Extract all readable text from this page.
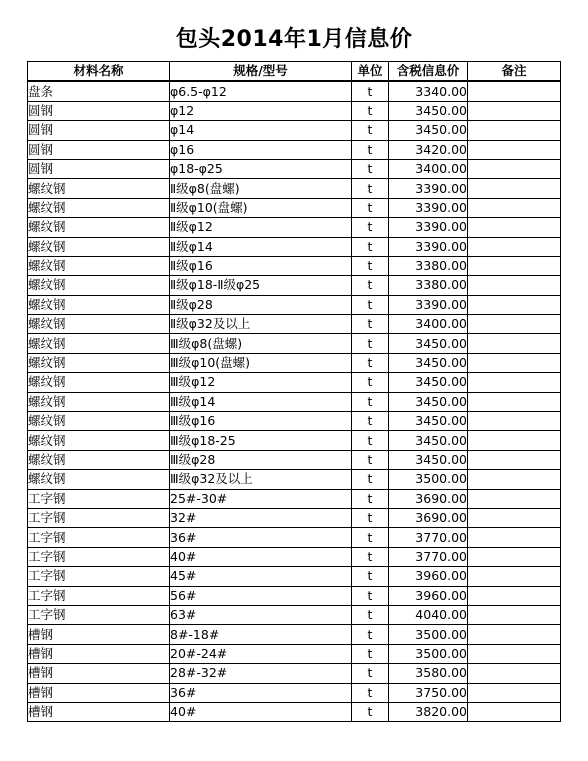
包头2014年1月信息价
材料名称	规格/型号	单位	含税信息价	备注
盘条	φ6.5-φ12	t	3340.00	
圆钢	φ12	t	3450.00	
圆钢	φ14	t	3450.00	
圆钢	φ16	t	3420.00	
圆钢	φ18-φ25	t	3400.00	
螺纹钢	Ⅱ级φ8(盘螺)	t	3390.00	
螺纹钢	Ⅱ级φ10(盘螺)	t	3390.00	
螺纹钢	Ⅱ级φ12	t	3390.00	
螺纹钢	Ⅱ级φ14	t	3390.00	
螺纹钢	Ⅱ级φ16	t	3380.00	
螺纹钢	Ⅱ级φ18-Ⅱ级φ25	t	3380.00	
螺纹钢	Ⅱ级φ28	t	3390.00	
螺纹钢	Ⅱ级φ32及以上	t	3400.00	
螺纹钢	Ⅲ级φ8(盘螺)	t	3450.00	
螺纹钢	Ⅲ级φ10(盘螺)	t	3450.00	
螺纹钢	Ⅲ级φ12	t	3450.00	
螺纹钢	Ⅲ级φ14	t	3450.00	
螺纹钢	Ⅲ级φ16	t	3450.00	
螺纹钢	Ⅲ级φ18-25	t	3450.00	
螺纹钢	Ⅲ级φ28	t	3450.00	
螺纹钢	Ⅲ级φ32及以上	t	3500.00	
工字钢	25#-30#	t	3690.00	
工字钢	32#	t	3690.00	
工字钢	36#	t	3770.00	
工字钢	40#	t	3770.00	
工字钢	45#	t	3960.00	
工字钢	56#	t	3960.00	
工字钢	63#	t	4040.00	
槽钢	8#-18#	t	3500.00	
槽钢	20#-24#	t	3500.00	
槽钢	28#-32#	t	3580.00	
槽钢	36#	t	3750.00	
槽钢	40#	t	3820.00	
